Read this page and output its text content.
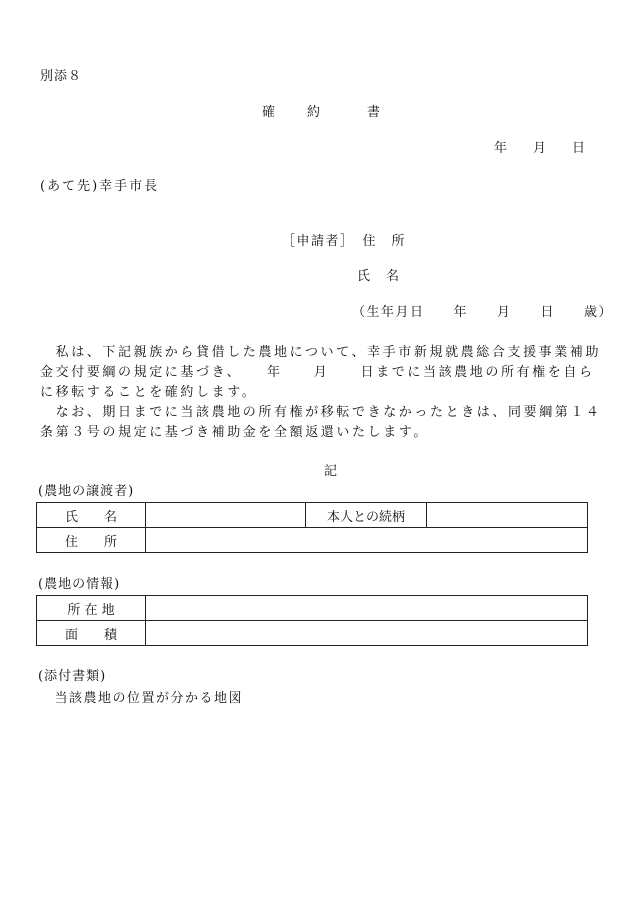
別添８
確　　約　　　書
年　　月　　日
(あて先)幸手市長
［申請者］　住　所
氏　名
（生年月日　　年　　月　　日　　歳）
　私は、下記親族から貸借した農地について、幸手市新規就農総合支援事業補助金交付要綱の規定に基づき、　　年　　月　　日までに当該農地の所有権を自らに移転することを確約します。
　なお、期日までに当該農地の所有権が移転できなかったときは、同要綱第１４条第３号の規定に基づき補助金を全額返還いたします。
記
(農地の譲渡者)
氏　　名		本人との続柄	
住　　所			
(農地の情報)
所 在 地	
面　　積	
(添付書類)
　当該農地の位置が分かる地図
